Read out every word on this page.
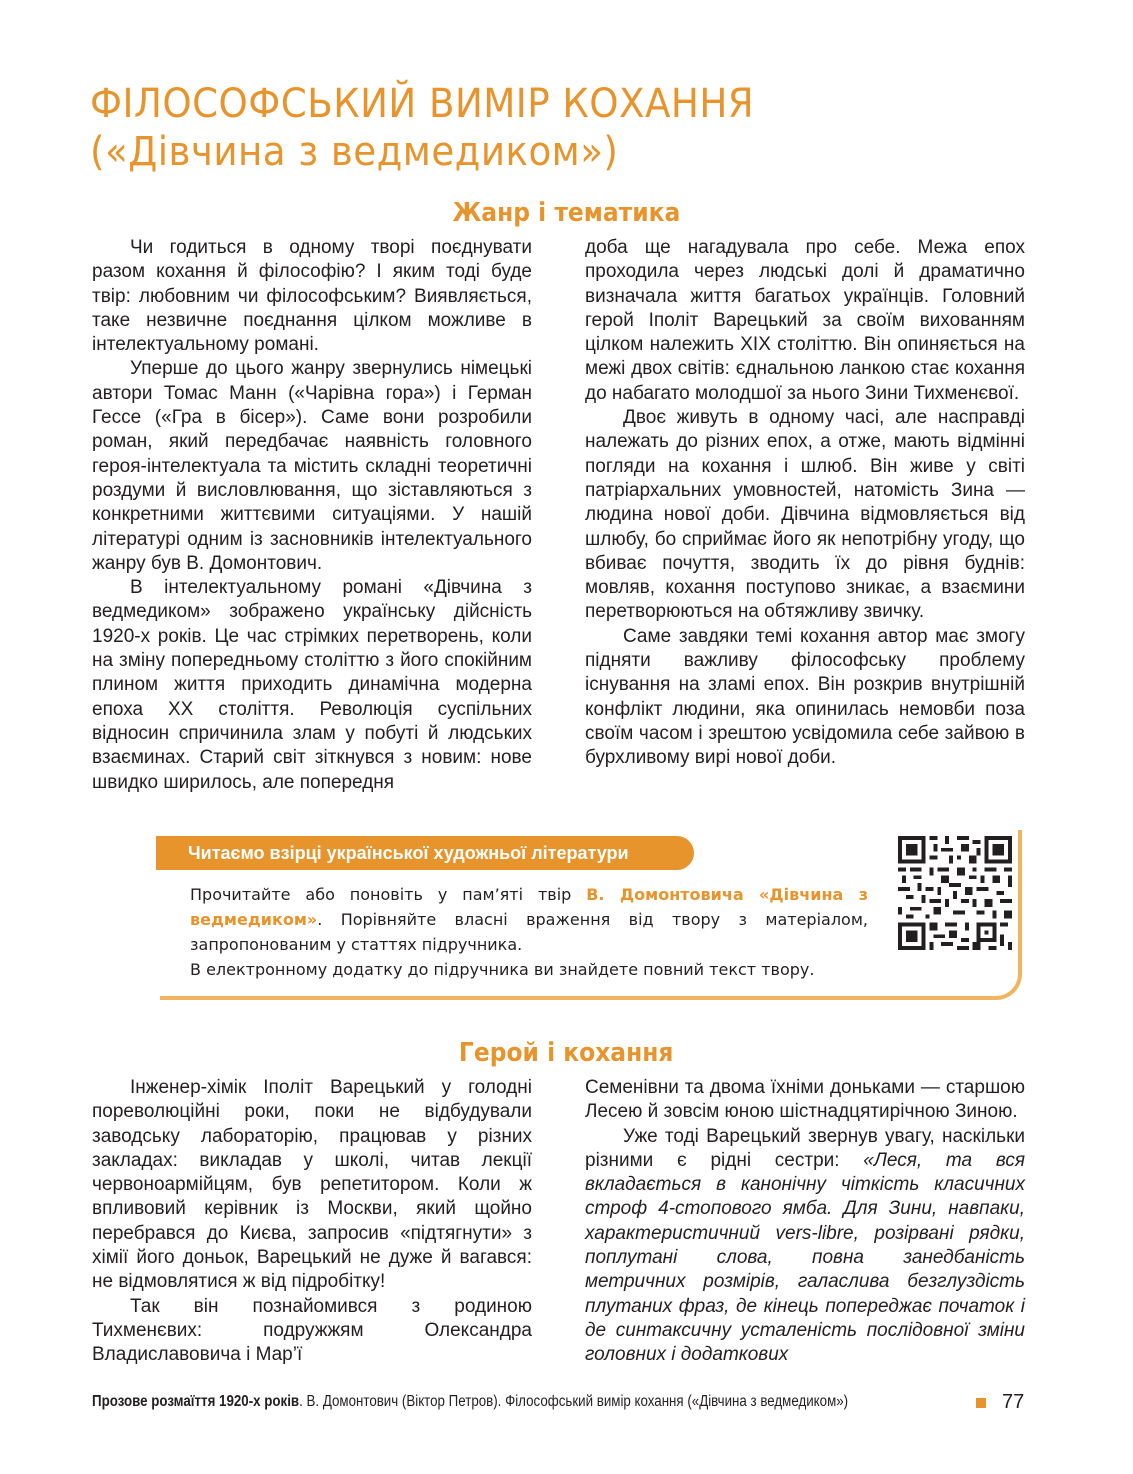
ФІЛОСОФСЬКИЙ ВИМІР КОХАННЯ
(«Дівчина з ведмедиком»)
Жанр і тематика

Чи годиться в одному творі поєднувати разом кохання й філософію? І яким тоді буде твір: любовним чи філософським? Виявляється, таке незвичне поєднання цілком можливе в інтелектуальному романі.

Уперше до цього жанру звернулись німецькі автори Томас Манн («Чарівна гора») і Герман Гессе («Гра в бісер»). Саме вони розробили роман, який передбачає наявність головного героя-інтелектуала та містить складні теоретичні роздуми й висловлювання, що зіставляються з конкретними життєвими ситуаціями. У нашій літературі одним із засновників інтелектуального жанру був В. Домонтович.

В інтелектуальному романі «Дівчина з ведмедиком» зображено українську дійсність 1920-х років. Це час стрімких перетворень, коли на зміну попередньому століттю з його спокійним плином життя приходить динамічна модерна епоха ХХ століття. Революція суспільних відносин спричинила злам у побуті й людських взаєминах. Старий світ зіткнувся з новим: нове швидко ширилось, але попередня

доба ще нагадувала про себе. Межа епох проходила через людські долі й драматично визначала життя багатьох українців. Головний герой Іполіт Варецький за своїм вихованням цілком належить ХІХ століттю. Він опиняється на межі двох світів: єднальною ланкою стає кохання до набагато молодшої за нього Зини Тихменєвої.

Двоє живуть в одному часі, але насправді належать до різних епох, а отже, мають відмінні погляди на кохання і шлюб. Він живе у світі патріархальних умовностей, натомість Зина — людина нової доби. Дівчина відмовляється від шлюбу, бо сприймає його як непотрібну угоду, що вбиває почуття, зводить їх до рівня буднів: мовляв, кохання поступово зникає, а взаємини перетворюються на обтяжливу звичку.

Саме завдяки темі кохання автор має змогу підняти важливу філософську проблему існування на зламі епох. Він розкрив внутрішній конфлікт людини, яка опинилась немовби поза своїм часом і зрештою усвідомила себе зайвою в бурхливому вирі нової доби.

Читаємо взірці української художньої літератури

Прочитайте або поновіть у пам’яті твір В. Домонтовича «Дівчина з ведмедиком». Порівняйте власні враження від твору з матеріалом, запропонованим у статтях підручника.

В електронному додатку до підручника ви знайдете повний текст твору.

Герой і кохання

Інженер-хімік Іполіт Варецький у голодні пореволюційні роки, поки не відбудували заводську лабораторію, працював у різних закладах: викладав у школі, читав лекції червоноармійцям, був репетитором. Коли ж впливовий керівник із Москви, який щойно перебрався до Києва, запросив «підтягнути» з хімії його доньок, Варецький не дуже й вагався: не відмовлятися ж від підробітку!

Так він познайомився з родиною Тихменєвих: подружжям Олександра Владиславовича і Мар’ї

Семенівни та двома їхніми доньками — старшою Лесею й зовсім юною шістнадцятирічною Зиною.

Уже тоді Варецький звернув увагу, наскільки різними є рідні сестри: «Леся, та вся вкладається в канонічну чіткість класичних строф 4-стопового ямба. Для Зини, навпаки, характеристичний vers-libre, розірвані рядки, поплутані слова, повна занедбаність метричних розмірів, галаслива безглуздість плутаних фраз, де кінець попереджає початок і де синтаксичну усталеність послідовної зміни головних і додаткових

Прозове розмаїття 1920-х років. В. Домонтович (Віктор Петров). Філософський вимір кохання («Дівчина з ведмедиком»)	77
